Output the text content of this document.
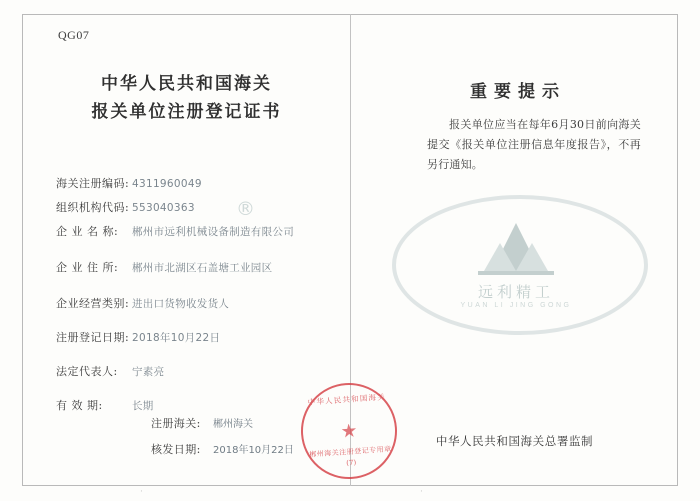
QG07
远利精工
YUAN LI JING GONG
®
中华人民共和国海关
报关单位注册登记证书
海关注册编码: 4311960049
组织机构代码: 553040363
企 业 名 称:	郴州市远利机械设备制造有限公司
企 业 住 所:	郴州市北湖区石盖塘工业园区
企业经营类别: 进出口货物收发货人
注册登记日期: 2018年10月22日
法定代表人:	宁素亮
有 效 期:	长期
注册海关:	郴州海关
核发日期:	2018年10月22日
中华人民共和国海关
郴州海关注册登记专用章
(7)
重要提示
报关单位应当在每年6月30日前向海关提交《报关单位注册信息年度报告》，不再另行通知。
中华人民共和国海关总署监制
·	·
